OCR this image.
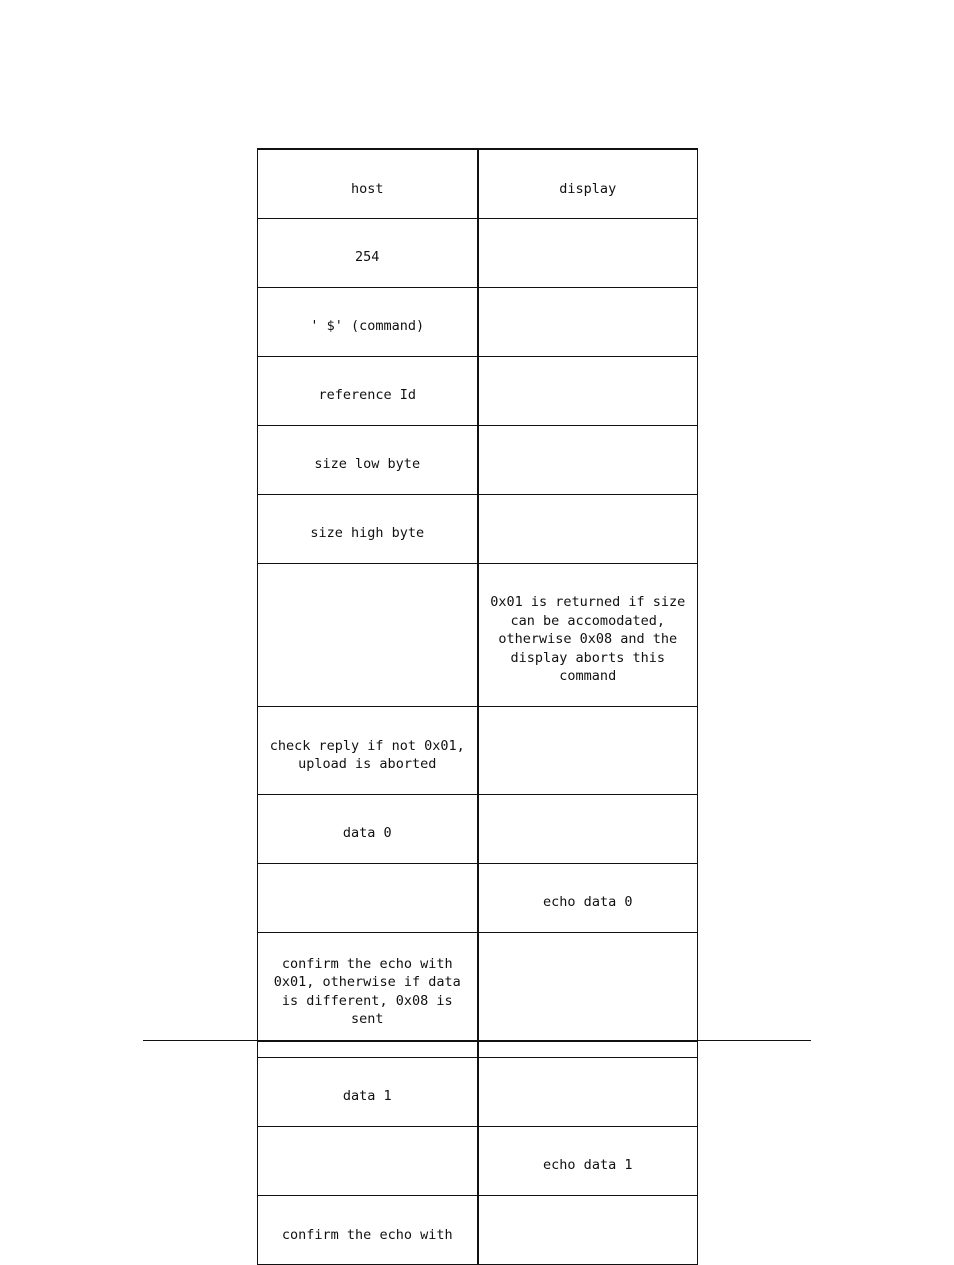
host	display
254	
' $' (command)	
reference Id	
size low byte	
size high byte	
	0x01 is returned if size can be accomodated, otherwise 0x08 and the display aborts this command
check reply if not 0x01, upload is aborted	
data 0	
	echo data 0
confirm the echo with 0x01, otherwise if data is different, 0x08 is sent	

data 1	
	echo data 1
confirm the echo with	
